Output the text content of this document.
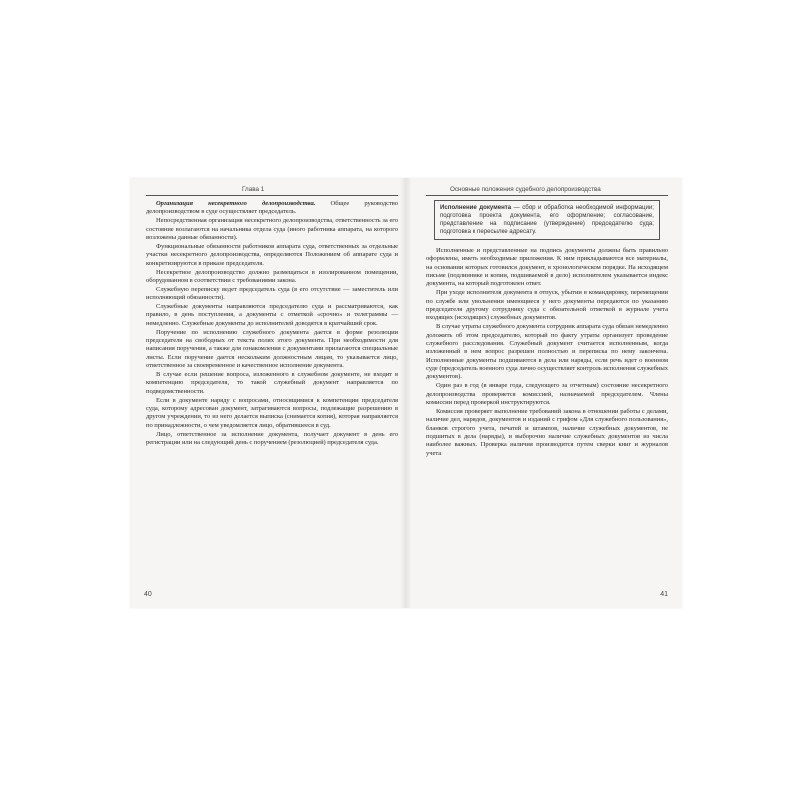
Глава 1

Организация несекретного делопроизводства. Общее руководство делопроизводством в суде осуществляет председатель.

Непосредственная организация несекретного делопроизводства, ответственность за его состояние возлагаются на начальника отдела суда (иного работника аппарата, на которого возложены данные обязанности).

Функциональные обязанности работников аппарата суда, ответственных за отдельные участки несекретного делопроизводства, определяются Положением об аппарате суда и конкретизируются в приказе председателя.

Несекретное делопроизводство должно размещаться в изолированном помещении, оборудованном в соответствии с требованиями закона.

Служебную переписку ведет председатель суда (в его отсутствие — заместитель или исполняющий обязанности).

Служебные документы направляются председателю суда и рассматриваются, как правило, в день поступления, а документы с отметкой «срочно» и телеграммы — немедленно. Служебные документы до исполнителей доводятся в кратчайший срок.

Поручение по исполнению служебного документа дается в форме резолюции председателя на свободных от текста полях этого документа. При необходимости для написания поручения, а также для ознакомления с документами прилагаются специальные листы. Если поручение дается нескольким должностным лицам, то указывается лицо, ответственное за своевременное и качественное исполнение документа.

В случае если решение вопроса, изложенного в служебном документе, не входит в компетенцию председателя, то такой служебный документ направляется по подведомственности.

Если в документе наряду с вопросами, относящимися к компетенции председателя суда, которому адресован документ, затрагиваются вопросы, подлежащие разрешению в другом учреждении, то из него делается выписка (снимается копия), которая направляется по принадлежности, о чем уведомляется лицо, обратившееся в суд.

Лицо, ответственное за исполнение документа, получает документ в день его регистрации или на следующий день с поручением (резолюцией) председателя суда.

40
Основные положения судебного делопроизводства
Исполнение документа — сбор и обработка необходимой информации; подготовка проекта документа, его оформление; согласование, представление на подписание (утверждение) председателю суда; подготовка к пересылке адресату.

Исполненные и представленные на подпись документы должны быть правильно оформлены, иметь необходимые приложения. К ним прикладываются все материалы, на основании которых готовился документ, в хронологическом порядке. На исходящем письме (подлиннике и копии, подшиваемой в дело) исполнителем указывается индекс документа, на который подготовлен ответ.

При уходе исполнителя документа в отпуск, убытии в командировку, перемещении по службе или увольнении имеющиеся у него документы передаются по указанию председателя другому сотруднику суда с обязательной отметкой в журнале учета входящих (исходящих) служебных документов.

В случае утраты служебного документа сотрудник аппарата суда обязан немедленно доложить об этом председателю, который по факту утраты организует проведение служебного расследования. Служебный документ считается исполненным, когда изложенный в нем вопрос разрешен полностью и переписка по нему закончена. Исполненные документы подшиваются в дела или наряды, если речь идет о военном суде (председатель военного суда лично осуществляет контроль исполнения служебных документов).

Один раз в год (в январе года, следующего за отчетным) состояние несекретного делопроизводства проверяется комиссией, назначаемой председателем. Члены комиссии перед проверкой инструктируются.

Комиссия проверяет выполнение требований закона в отношении работы с делами, наличие дел, нарядов, документов и изданий с грифом «Для служебного пользования», бланков строгого учета, печатей и штампов, наличие служебных документов, не подшитых в дела (наряды), и выборочно наличие служебных документов из числа наиболее важных. Проверка наличия производится путем сверки книг и журналов учета

41
